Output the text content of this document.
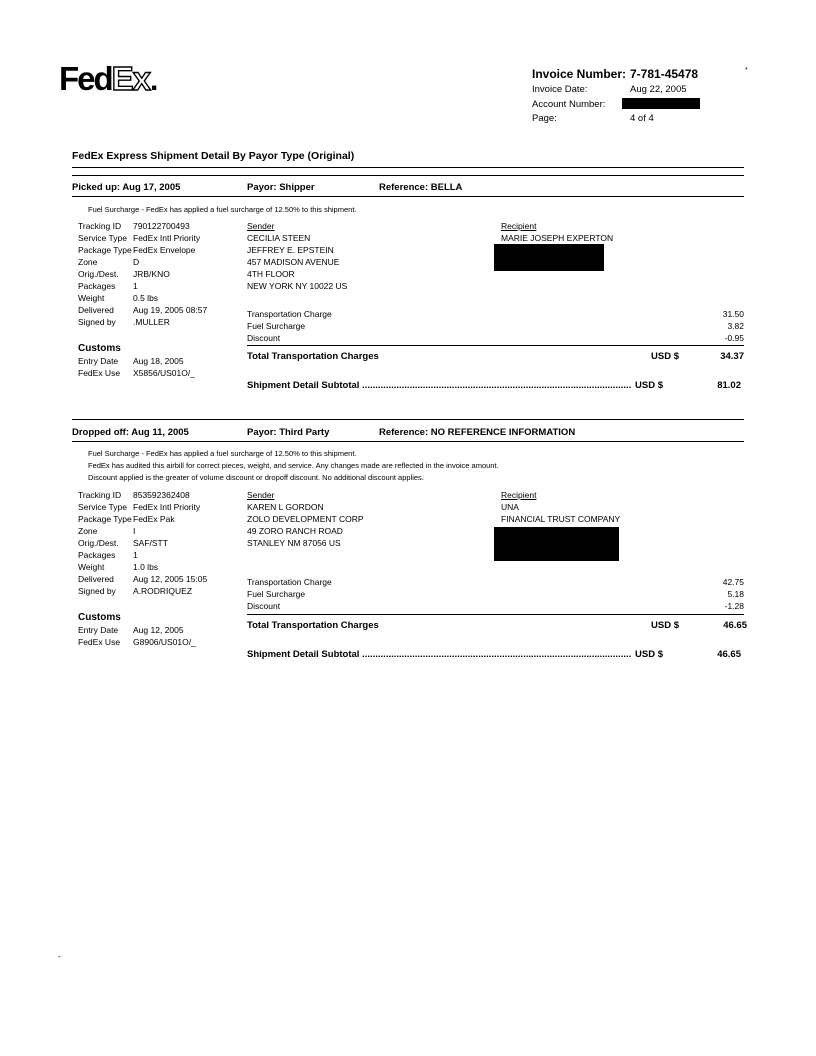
FedEx.	Invoice Number: 7-781-45478
Invoice Date:	Aug 22, 2005
Account Number:
Page:	4 of 4
*
FedEx Express Shipment Detail By Payor Type (Original)
Picked up: Aug 17, 2005	Payor: Shipper	Reference: BELLA
Fuel Surcharge - FedEx has applied a fuel surcharge of 12.50% to this shipment.
Tracking ID 790122700493
Service Type FedEx Intl Priority
Package Type FedEx Envelope
Zone	D
Orig./Dest. JRB/KNO
Packages 1
Weight	0.5 lbs
Delivered Aug 19, 2005 08:57
Signed by .MULLER
Customs
Entry Date Aug 18, 2005
FedEx Use X5856/US01O/_
Sender
CECILIA STEEN
JEFFREY E. EPSTEIN
457 MADISON AVENUE
4TH FLOOR
NEW YORK NY 10022 US
Recipient
MARIE JOSEPH EXPERTON
Transportation Charge	31.50
Fuel Surcharge	3.82
Discount	-0.95
Total Transportation Charges	USD $	34.37
Shipment Detail Subtotal ...................................................................................................... USD $	81.02
Dropped off: Aug 11, 2005	Payor: Third Party	Reference: NO REFERENCE INFORMATION
Fuel Surcharge - FedEx has applied a fuel surcharge of 12.50% to this shipment.
FedEx has audited this airbill for correct pieces, weight, and service. Any changes made are reflected in the invoice amount.
Discount applied is the greater of volume discount or dropoff discount. No additional discount applies.
Tracking ID 853592362408
Service Type FedEx Intl Priority
Package Type FedEx Pak
Zone	I
Orig./Dest. SAF/STT
Packages 1
Weight	1.0 lbs
Delivered Aug 12, 2005 15:05
Signed by A.RODRIQUEZ
Customs
Entry Date Aug 12, 2005
FedEx Use G8906/US01O/_
Sender
KAREN L GORDON
ZOLO DEVELOPMENT CORP
49 ZORO RANCH ROAD
STANLEY NM 87056 US
Recipient
UNA
FINANCIAL TRUST COMPANY
Transportation Charge	42.75
Fuel Surcharge	5.18
Discount	-1.28
Total Transportation Charges	USD $	46.65
Shipment Detail Subtotal ...................................................................................................... USD $	46.65
-
